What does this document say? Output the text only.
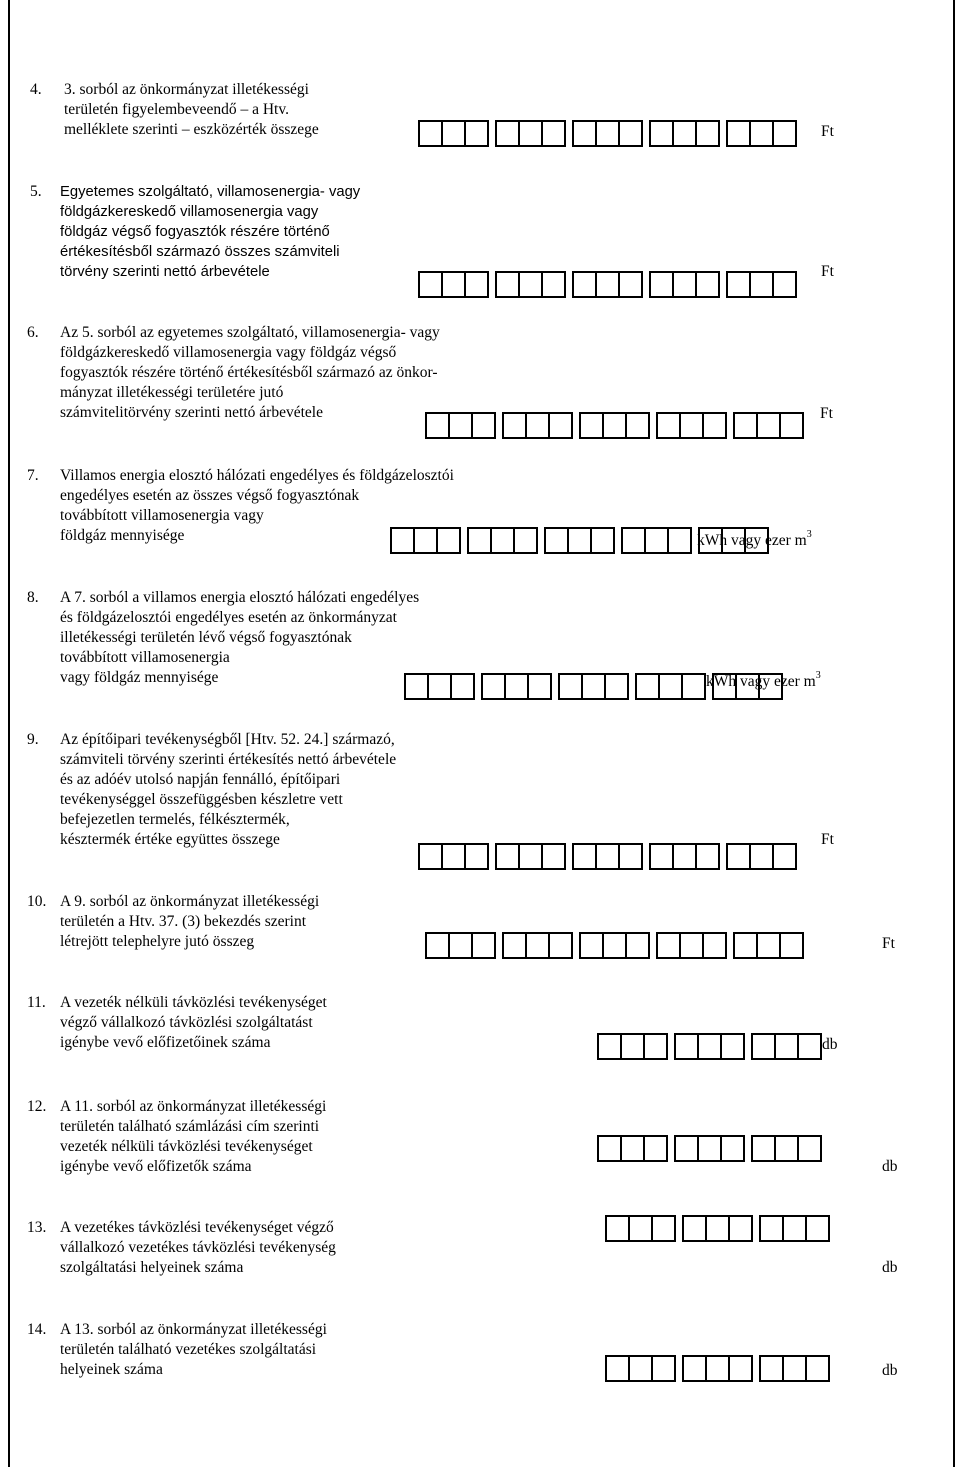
4. 3. sorból az önkormányzat illetékességi
területén figyelembeveendő – a Htv.
melléklete szerinti – eszközérték összege	Ft
5. Egyetemes szolgáltató, villamosenergia- vagy
földgázkereskedő villamosenergia vagy
földgáz végső fogyasztók részére történő
értékesítésből származó összes számviteli
törvény szerinti nettó árbevétele	Ft
6. Az 5. sorból az egyetemes szolgáltató, villamosenergia- vagy
földgázkereskedő villamosenergia vagy földgáz végső
fogyasztók részére történő értékesítésből származó az önkor-
mányzat illetékességi területére jutó
számvitelitörvény szerinti nettó árbevétele	Ft
7. Villamos energia elosztó hálózati engedélyes és földgázelosztói
engedélyes esetén az összes végső fogyasztónak
továbbított villamosenergia vagy
földgáz mennyisége	kWh vagy ezer $m^3$
8. A 7. sorból a villamos energia elosztó hálózati engedélyes
és földgázelosztói engedélyes esetén az önkormányzat
illetékességi területén lévő végső fogyasztónak
továbbított villamosenergia
vagy földgáz mennyisége	kWh vagy ezer $m^3$
9. Az építőipari tevékenységből [Htv. 52. 24.] származó,
számviteli törvény szerinti értékesítés nettó árbevétele
és az adóév utolsó napján fennálló, építőipari
tevékenységgel összefüggésben készletre vett
befejezetlen termelés, félkésztermék,
késztermék értéke együttes összege	Ft
10. A 9. sorból az önkormányzat illetékességi
területén a Htv. 37. (3) bekezdés szerint
létrejött telephelyre jutó összeg	Ft
11. A vezeték nélküli távközlési tevékenységet
végző vállalkozó távközlési szolgáltatást
igénybe vevő előfizetőinek száma	db
12. A 11. sorból az önkormányzat illetékességi
területén található számlázási cím szerinti
vezeték nélküli távközlési tevékenységet
igénybe vevő előfizetők száma	db
13. A vezetékes távközlési tevékenységet végző
vállalkozó vezetékes távközlési tevékenység
szolgáltatási helyeinek száma	db
14. A 13. sorból az önkormányzat illetékességi
területén található vezetékes szolgáltatási
helyeinek száma	db
